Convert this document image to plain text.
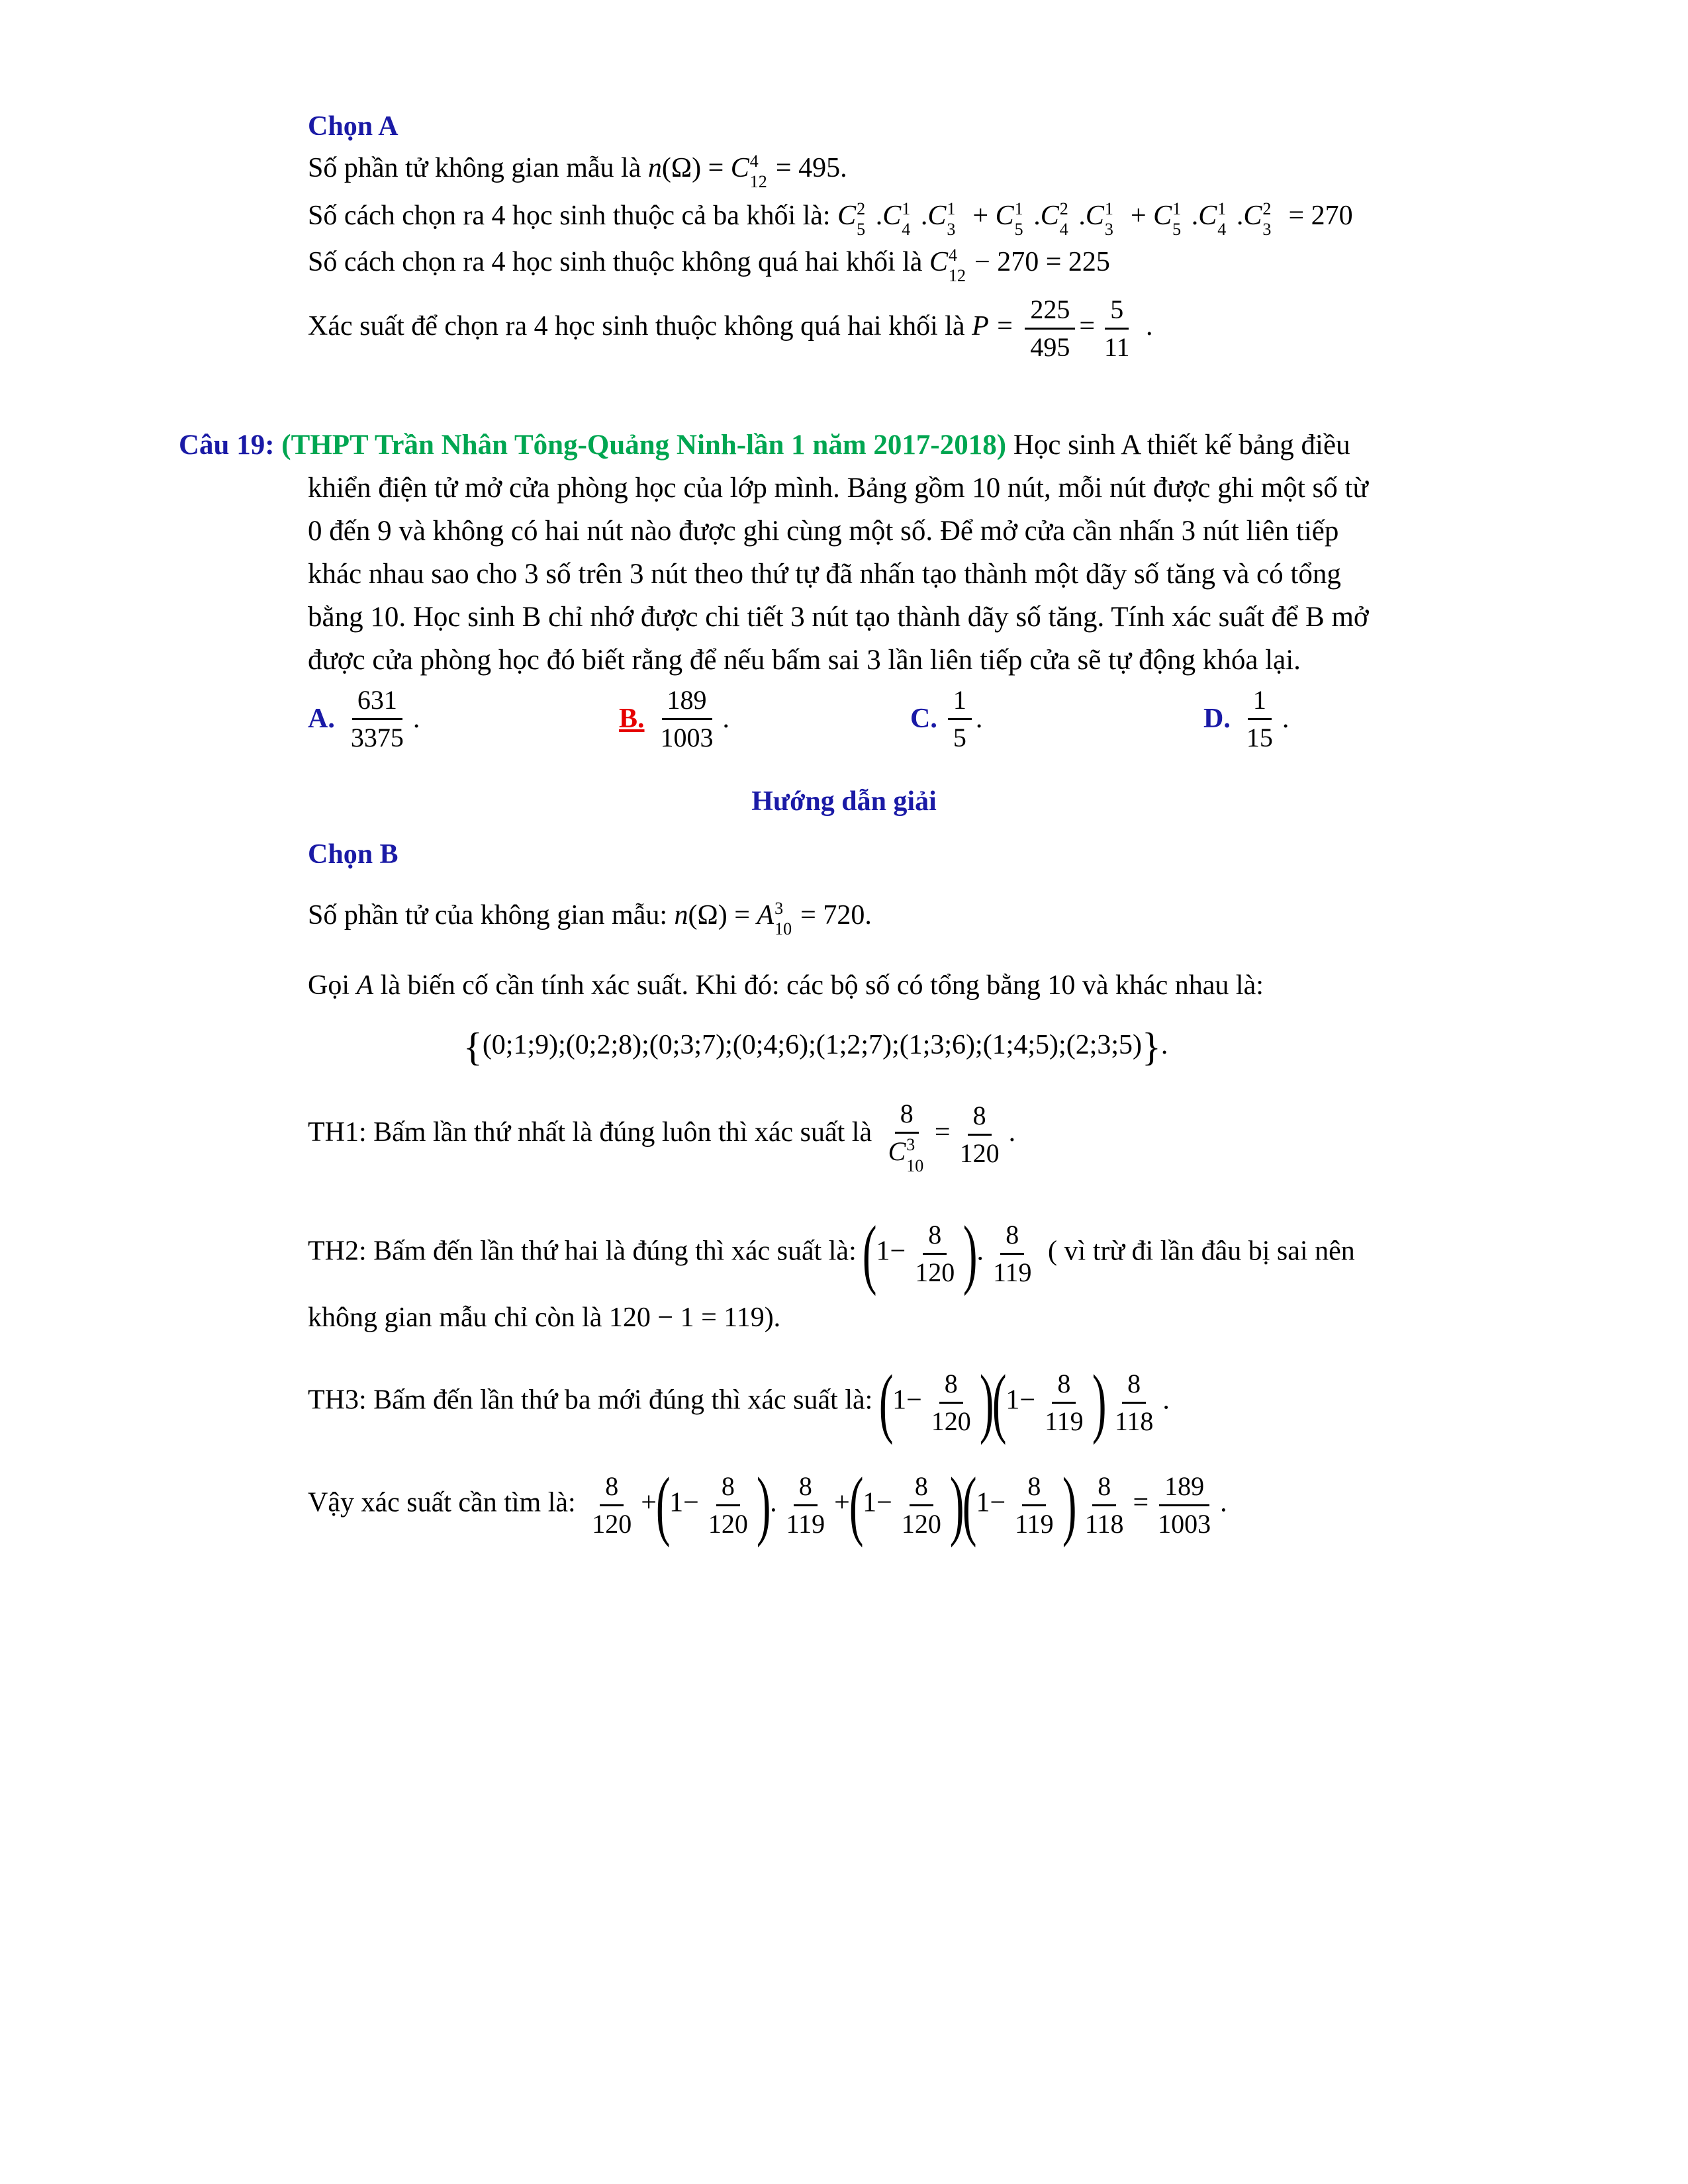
Chọn A
Số phần tử không gian mẫu là n(Ω) = C 4
12 = 495.
Số cách chọn ra 4 học sinh thuộc cả ba khối là: C 2
5 .C 1
4 .C 1
3 + C 1
5 .C 2
4 .C 1
3 + C 1
5 .C 1
4 .C 2
3 = 270
Số cách chọn ra 4 học sinh thuộc không quá hai khối là C 4
12 − 270 = 225
Xác suất để chọn ra 4 học sinh thuộc không quá hai khối là $P = \frac{225}{495} = \frac{5}{11}$ .
Câu 19: (THPT Trần Nhân Tông-Quảng Ninh-lần 1 năm 2017-2018) Học sinh A thiết kế bảng điều
khiển điện tử mở cửa phòng học của lớp mình. Bảng gồm 10 nút, mỗi nút được ghi một số từ
0 đến 9 và không có hai nút nào được ghi cùng một số. Để mở cửa cần nhấn 3 nút liên tiếp
khác nhau sao cho 3 số trên 3 nút theo thứ tự đã nhấn tạo thành một dãy số tăng và có tổng
bằng 10. Học sinh B chỉ nhớ được chi tiết 3 nút tạo thành dãy số tăng. Tính xác suất để B mở
được cửa phòng học đó biết rằng để nếu bấm sai 3 lần liên tiếp cửa sẽ tự động khóa lại.
A. $\frac{631}{3375}$ .	B. $\frac{189}{1003}$ .	C. $\frac{1}{5}$ .	D. $\frac{1}{15}$ .
Hướng dẫn giải
Chọn B
Số phần tử của không gian mẫu: n(Ω) = A 3
10 = 720.
Gọi A là biến cố cần tính xác suất. Khi đó: các bộ số có tổng bằng 10 và khác nhau là:
{(0;1;9);(0;2;8);(0;3;7);(0;4;6);(1;2;7);(1;3;6);(1;4;5);(2;3;5)}.
TH1: Bấm lần thứ nhất là đúng luôn thì xác suất là 8
C 3
$10 = \frac{8}{120}$ .
TH2: Bấm đến lần thứ hai là đúng thì xác suất là: ($1- \frac{8}{120}$ ). $\frac{8}{119}$ ( vì trừ đi lần đâu bị sai nên
không gian mẫu chỉ còn là 120 − 1 = 119).
TH3: Bấm đến lần thứ ba mới đúng thì xác suất là: $(1- \frac{8}{120} )(1- \frac{8}{119}$ ) $\frac{8}{118}$ .
Vậy xác suất cần tìm là: $\frac{8}{120} +(1- \frac{8}{120}$ ). $\frac{8}{119} +(1- \frac{8}{120} )(1- \frac{8}{119}$ ) $\frac{8}{118} = \frac{189}{1003}$ .
